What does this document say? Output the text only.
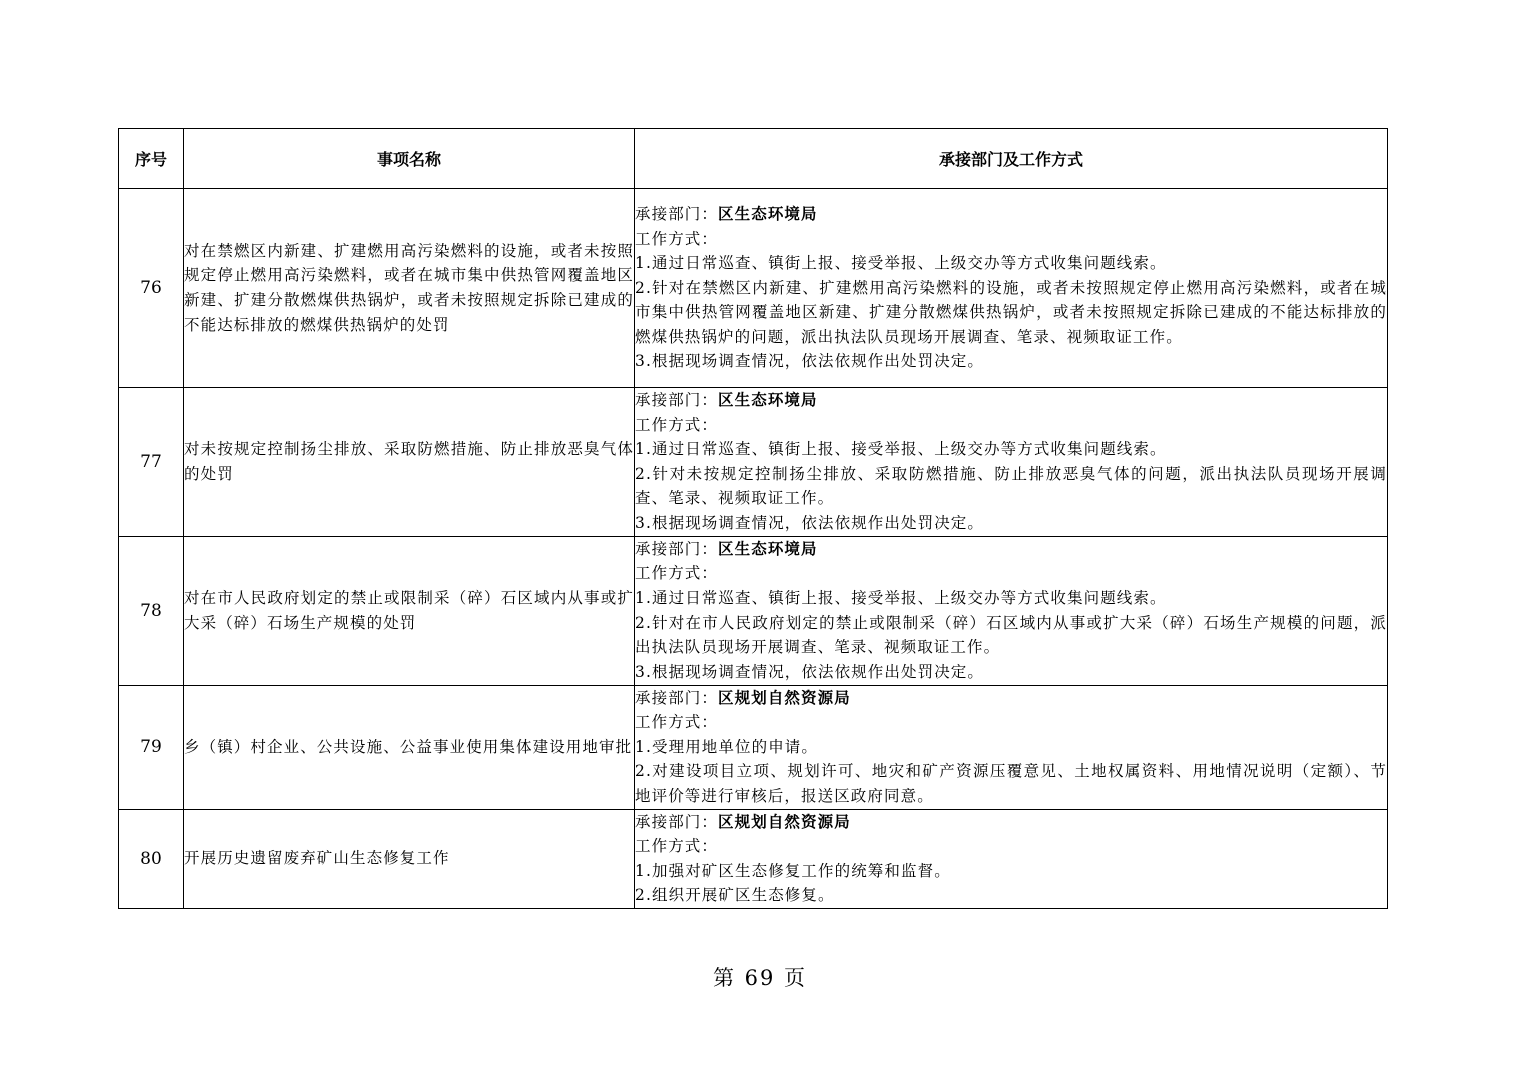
序号	事项名称	承接部门及工作方式
76	对在禁燃区内新建、扩建燃用高污染燃料的设施，或者未按照规定停止燃用高污染燃料，或者在城市集中供热管网覆盖地区新建、扩建分散燃煤供热锅炉，或者未按照规定拆除已建成的不能达标排放的燃煤供热锅炉的处罚	承接部门：区生态环境局
工作方式：
1.通过日常巡查、镇街上报、接受举报、上级交办等方式收集问题线索。
2.针对在禁燃区内新建、扩建燃用高污染燃料的设施，或者未按照规定停止燃用高污染燃料，或者在城市集中供热管网覆盖地区新建、扩建分散燃煤供热锅炉，或者未按照规定拆除已建成的不能达标排放的燃煤供热锅炉的问题，派出执法队员现场开展调查、笔录、视频取证工作。
3.根据现场调查情况，依法依规作出处罚决定。

77	对未按规定控制扬尘排放、采取防燃措施、防止排放恶臭气体的处罚	承接部门：区生态环境局
工作方式：
1.通过日常巡查、镇街上报、接受举报、上级交办等方式收集问题线索。
2.针对未按规定控制扬尘排放、采取防燃措施、防止排放恶臭气体的问题，派出执法队员现场开展调查、笔录、视频取证工作。
3.根据现场调查情况，依法依规作出处罚决定。

78	对在市人民政府划定的禁止或限制采（碎）石区域内从事或扩大采（碎）石场生产规模的处罚	承接部门：区生态环境局
工作方式：
1.通过日常巡查、镇街上报、接受举报、上级交办等方式收集问题线索。
2.针对在市人民政府划定的禁止或限制采（碎）石区域内从事或扩大采（碎）石场生产规模的问题，派出执法队员现场开展调查、笔录、视频取证工作。
3.根据现场调查情况，依法依规作出处罚决定。

79	乡（镇）村企业、公共设施、公益事业使用集体建设用地审批	承接部门：区规划自然资源局
工作方式：
1.受理用地单位的申请。
2.对建设项目立项、规划许可、地灾和矿产资源压覆意见、土地权属资料、用地情况说明（定额）、节地评价等进行审核后，报送区政府同意。

80	开展历史遗留废弃矿山生态修复工作	承接部门：区规划自然资源局
工作方式：
1.加强对矿区生态修复工作的统筹和监督。
2.组织开展矿区生态修复。
第 69 页
